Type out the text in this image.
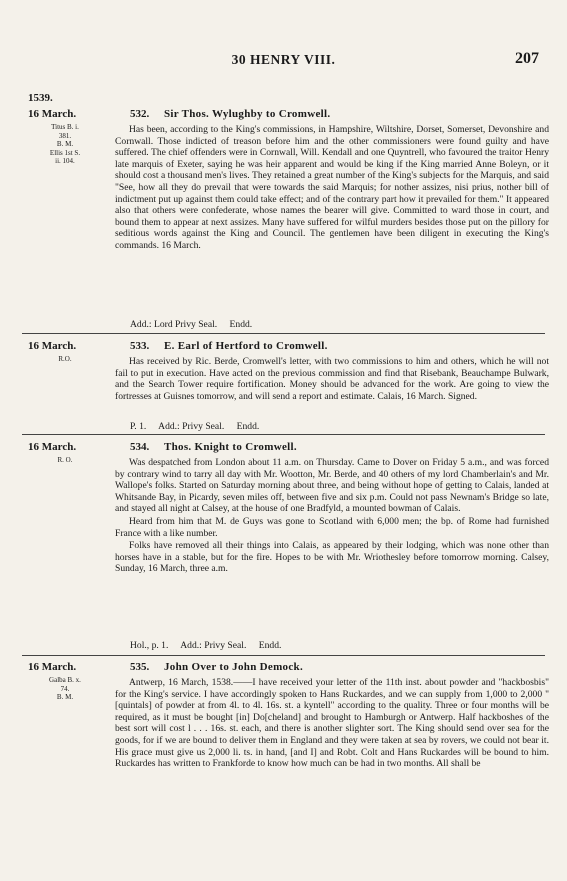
30 HENRY VIII.	207
1539.
16 March.	532. Sir Thos. Wylughby to Cromwell.
Titus B. i.
381.
B. M.
Ellis 1st S.
ii. 104.

Has been, according to the King's commissions, in Hampshire, Wiltshire, Dorset, Somerset, Devonshire and Cornwall. Those indicted of treason before him and the other commissioners were found guilty and have suffered. The chief offenders were in Cornwall, Will. Kendall and one Quyntrell, who favoured the traitor Henry late marquis of Exeter, saying he was heir apparent and would be king if the King married Anne Boleyn, or it should cost a thousand men's lives. They retained a great number of the King's subjects for the Marquis, and said "See, how all they do prevail that were towards the said Marquis; for nother assizes, nisi prius, nother bill of indictment put up against them could take effect; and of the contrary part how it prevailed for them." It appeared also that others were confederate, whose names the bearer will give. Committed to ward those in court, and bound them to appear at next assizes. Many have suffered for wilful murders besides those put on the pillory for seditious words against the King and Council. The gentlemen have been diligent in executing the King's commands. 16 March.

Add.: Lord Privy Seal. Endd.
16 March.	533. E. Earl of Hertford to Cromwell.
R.O.	Has received by Ric. Berde, Cromwell's letter, with two commissions to him and others, which he will not fail to put in execution. Have acted on the previous commission and find that Risebank, Beauchampe Bulwark, and the Search Tower require fortification. Money should be advanced for the work. Are going to view the fortresses at Guisnes tomorrow, and will send a report and estimate. Calais, 16 March. Signed.

P. 1. Add.: Privy Seal. Endd.
16 March.	534. Thos. Knight to Cromwell.
R. O.	Was despatched from London about 11 a.m. on Thursday. Came to Dover on Friday 5 a.m., and was forced by contrary wind to tarry all day with Mr. Wootton, Mr. Berde, and 40 others of my lord Chamberlain's and Mr. Wallope's folks. Started on Saturday morning about three, and being without hope of getting to Calais, landed at Whitsande Bay, in Picardy, seven miles off, between five and six p.m. Could not pass Newnam's Bridge so late, and stayed all night at Calsey, at the house of one Bradfyld, a mounted bowman of Calais.

Heard from him that M. de Guys was gone to Scotland with 6,000 men; the bp. of Rome had furnished France with a like number.

Folks have removed all their things into Calais, as appeared by their lodging, which was none other than horses have in a stable, but for the fire. Hopes to be with Mr. Wriothesley before tomorrow morning. Calsey, Sunday, 16 March, three a.m.

Hol., p. 1. Add.: Privy Seal. Endd.
16 March.	535. John Over to John Demock.
Galba B. x.
74.
B. M.

Antwerp, 16 March, 1538.——I have received your letter of the 11th inst. about powder and "hackbosbis" for the King's service. I have accordingly spoken to Hans Ruckardes, and we can supply from 1,000 to 2,000 "[quintals] of powder at from 4l. to 4l. 16s. st. a kyntell" according to the quality. Three or four months will be required, as it must be bought [in] Do[cheland] and brought to Hamburgh or Antwerp. Half hackboshes of the best sort will cost l . . . 16s. st. each, and there is another slighter sort. The King should send over sea for the goods, for if we are bound to deliver them in England and they were taken at sea by rovers, we could not bear it. His grace must give us 2,000 li. ts. in hand, [and I] and Robt. Colt and Hans Ruckardes will be bound to him. Ruckardes has written to Frankforde to know how much can be had in two months. All shall be
